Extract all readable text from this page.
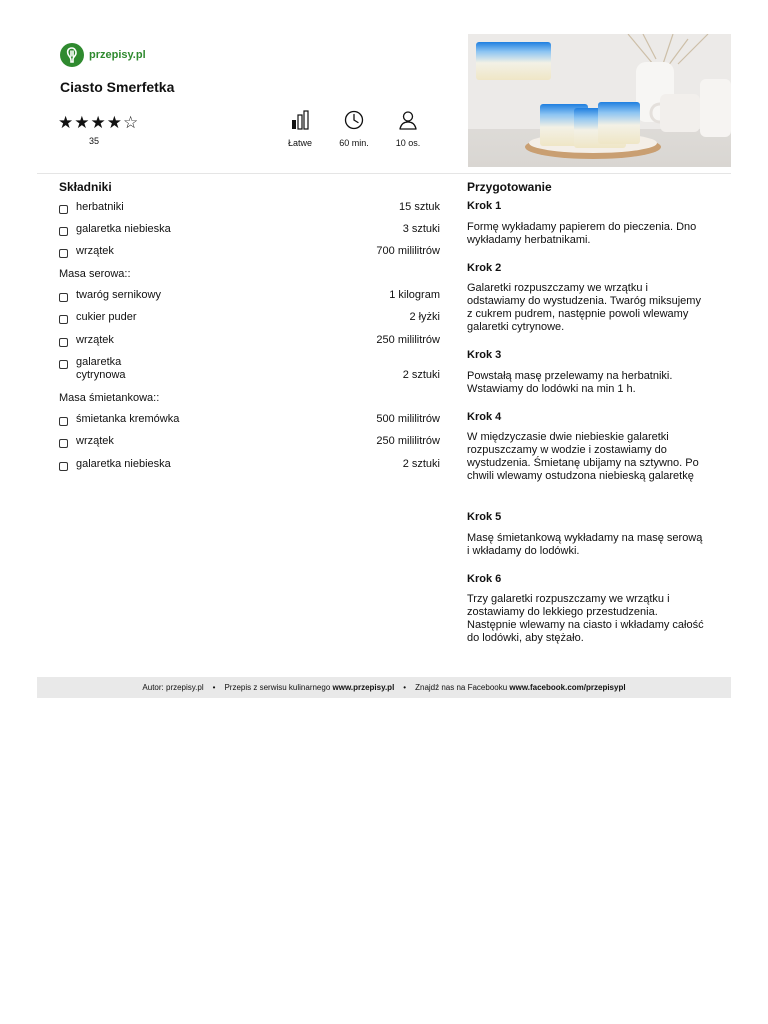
przepisy.pl
Ciasto Smerfetka
★★★★☆
35	Łatwe	60 min.	10 os.
Składniki
herbatniki	15 sztuk
galaretka niebieska	3 sztuki
wrzątek	700 mililitrów
Masa serowa::
twaróg sernikowy	1 kilogram
cukier puder	2 łyżki
wrzątek	250 mililitrów
galaretka cytrynowa	2 sztuki
Masa śmietankowa::
śmietanka kremówka	500 mililitrów
wrzątek	250 mililitrów
galaretka niebieska	2 sztuki
Przygotowanie
Krok 1
Formę wykładamy papierem do pieczenia. Dno wykładamy herbatnikami.
Krok 2
Galaretki rozpuszczamy we wrzątku i odstawiamy do wystudzenia. Twaróg miksujemy z cukrem pudrem, następnie powoli wlewamy galaretki cytrynowe.
Krok 3
Powstałą masę przelewamy na herbatniki. Wstawiamy do lodówki na min 1 h.
Krok 4
W międzyczasie dwie niebieskie galaretki rozpuszczamy w wodzie i zostawiamy do wystudzenia. Śmietanę ubijamy na sztywno. Po chwili wlewamy ostudzona niebieską galaretkę
Krok 5
Masę śmietankową wykładamy na masę serową i wkładamy do lodówki.
Krok 6
Trzy galaretki rozpuszczamy we wrzątku i zostawiamy do lekkiego przestudzenia. Następnie wlewamy na ciasto i wkładamy całość do lodówki, aby stężało.
Autor: przepisy.pl • Przepis z serwisu kulinarnego www.przepisy.pl • Znajdź nas na Facebooku www.facebook.com/przepisypl
